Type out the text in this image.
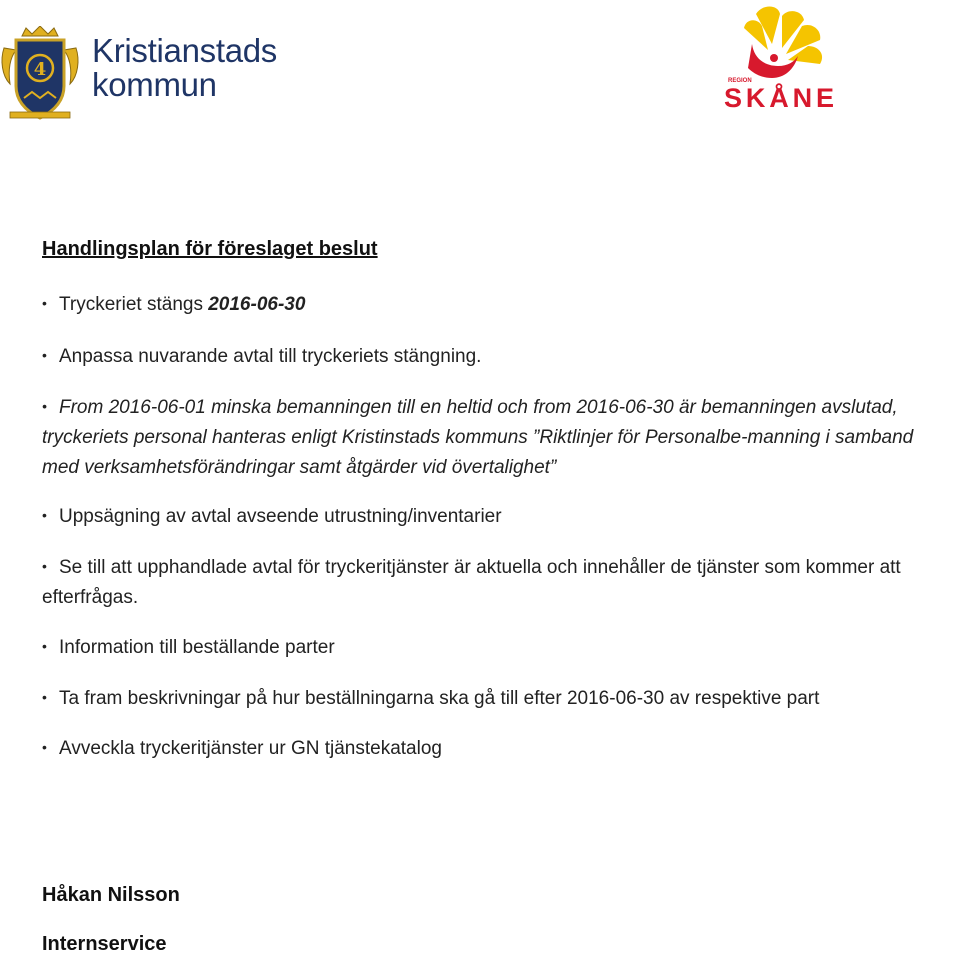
4
Kristianstads
kommun	REGION
SKÅNE
Handlingsplan för föreslaget beslut
• Tryckeriet stängs 2016-06-30
• Anpassa nuvarande avtal till tryckeriets stängning.
• From 2016-06-01 minska bemanningen till en heltid och from 2016-06-30 är bemanningen avslutad, tryckeriets personal hanteras enligt Kristinstads kommuns ”Riktlinjer för Personalbe-manning i samband med verksamhetsförändringar samt åtgärder vid övertalighet”
• Uppsägning av avtal avseende utrustning/inventarier
• Se till att upphandlade avtal för tryckeritjänster är aktuella och innehåller de tjänster som kommer att efterfrågas.
• Information till beställande parter
• Ta fram beskrivningar på hur beställningarna ska gå till efter 2016-06-30 av respektive part
• Avveckla tryckeritjänster ur GN tjänstekatalog
Håkan Nilsson
Internservice
